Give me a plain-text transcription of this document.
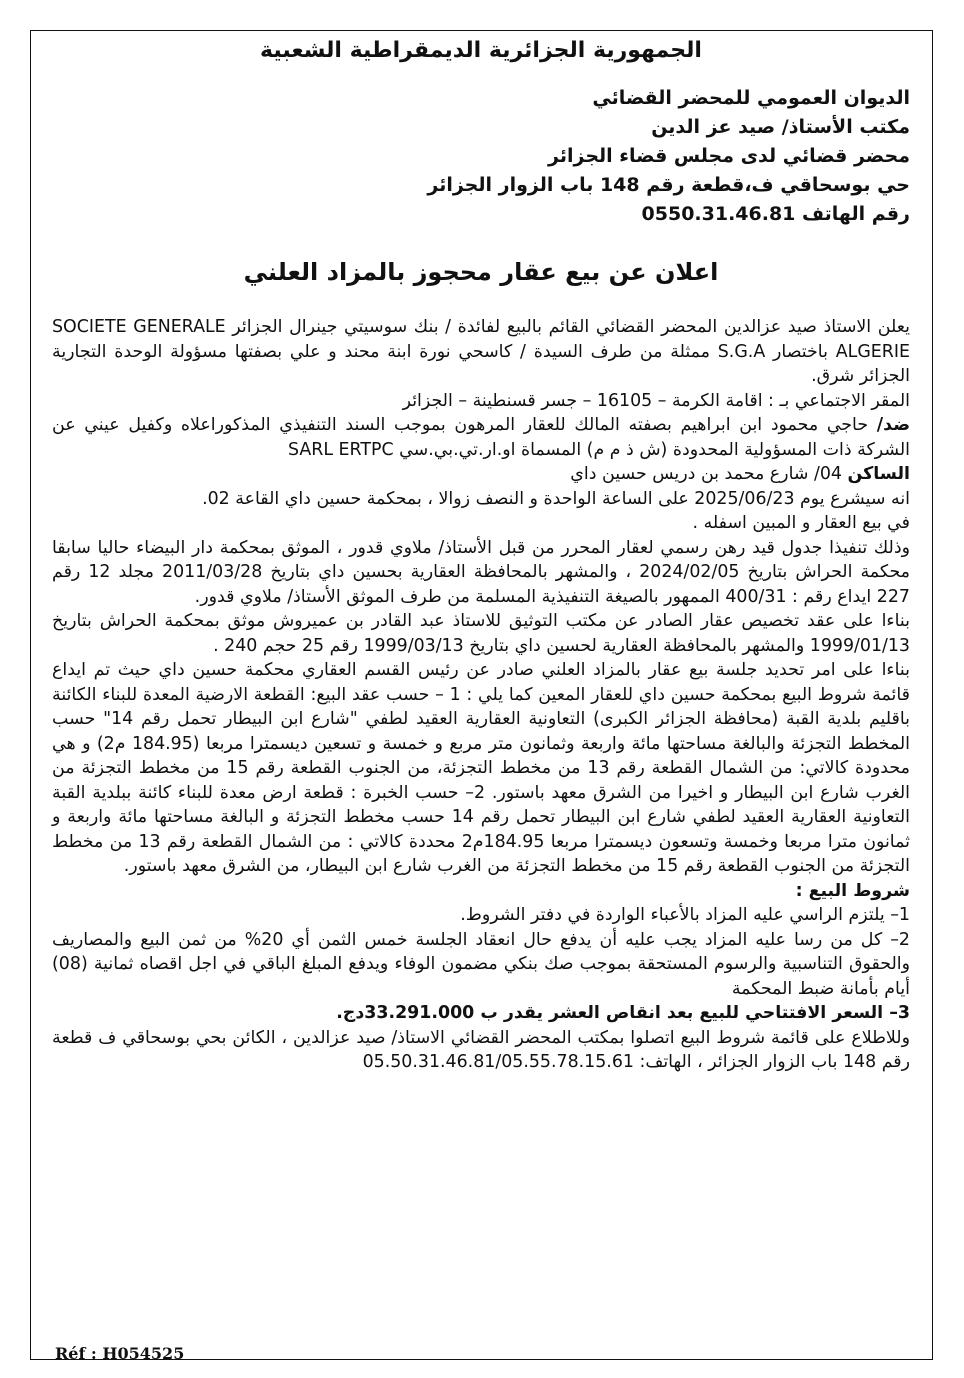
الجمهورية الجزائرية الديمقراطية الشعبية
الديوان العمومي للمحضر القضائي
مكتب الأستاذ/ صيد عز الدين
محضر قضائي لدى مجلس قضاء الجزائر
حي بوسحاقي ف،قطعة رقم 148 باب الزوار الجزائر
رقم الهاتف 0550.31.46.81
اعلان عن بيع عقار محجوز بالمزاد العلني

يعلن الاستاذ صيد عزالدين المحضر القضائي القائم بالبيع لفائدة / بنك سوسيتي جينرال الجزائر SOCIETE GENERALE ALGERIE باختصار S.G.A ممثلة من طرف السيدة / كاسحي نورة ابنة محند و علي بصفتها مسؤولة الوحدة التجارية الجزائر شرق.

المقر الاجتماعي بـ : اقامة الكرمة – 16105 – جسر قسنطينة – الجزائر

ضد/ حاجي محمود ابن ابراهيم بصفته المالك للعقار المرهون بموجب السند التنفيذي المذكوراعلاه وكفيل عيني عن الشركة ذات المسؤولية المحدودة (ش ذ م م) المسماة او.ار.تي.بي.سي SARL ERTPC

الساكن 04/ شارع محمد بن دريس حسين داي

انه سيشرع يوم 2025/06/23 على الساعة الواحدة و النصف زوالا ، بمحكمة حسين داي القاعة 02.

في بيع العقار و المبين اسفله .

وذلك تنفيذا جدول قيد رهن رسمي لعقار المحرر من قبل الأستاذ/ ملاوي قدور ، الموثق بمحكمة دار البيضاء حاليا سابقا محكمة الحراش بتاريخ 2024/02/05 ، والمشهر بالمحافظة العقارية بحسين داي بتاريخ 2011/03/28 مجلد 12 رقم 227 ايداع رقم : 400/31 الممهور بالصيغة التنفيذية المسلمة من طرف الموثق الأستاذ/ ملاوي قدور.

بناءا على عقد تخصيص عقار الصادر عن مكتب التوثيق للاستاذ عبد القادر بن عميروش موثق بمحكمة الحراش بتاريخ 1999/01/13 والمشهر بالمحافظة العقارية لحسين داي بتاريخ 1999/03/13 رقم 25 حجم 240 .

بناءا على امر تحديد جلسة بيع عقار بالمزاد العلني صادر عن رئيس القسم العقاري محكمة حسين داي حيث تم ايداع قائمة شروط البيع بمحكمة حسين داي للعقار المعين كما يلي : 1 – حسب عقد البيع: القطعة الارضية المعدة للبناء الكائنة باقليم بلدية القبة (محافظة الجزائر الكبرى) التعاونية العقارية العقيد لطفي "شارع ابن البيطار تحمل رقم 14" حسب المخطط التجزئة والبالغة مساحتها مائة واربعة وثمانون متر مربع و خمسة و تسعين ديسمترا مربعا (184.95 م2) و هي محدودة كالاتي: من الشمال القطعة رقم 13 من مخطط التجزئة، من الجنوب القطعة رقم 15 من مخطط التجزئة من الغرب شارع ابن البيطار و اخيرا من الشرق معهد باستور. 2– حسب الخبرة : قطعة ارض معدة للبناء كائنة ببلدية القبة التعاونية العقارية العقيد لطفي شارع ابن البيطار تحمل رقم 14 حسب مخطط التجزئة و البالغة مساحتها مائة واربعة و ثمانون مترا مربعا وخمسة وتسعون ديسمترا مربعا 184.95م2 محددة كالاتي : من الشمال القطعة رقم 13 من مخطط التجزئة من الجنوب القطعة رقم 15 من مخطط التجزئة من الغرب شارع ابن البيطار، من الشرق معهد باستور.

شروط البيع :

1– يلتزم الراسي عليه المزاد بالأعباء الواردة في دفتر الشروط.

2– كل من رسا عليه المزاد يجب عليه أن يدفع حال انعقاد الجلسة خمس الثمن أي 20% من ثمن البيع والمصاريف والحقوق التناسبية والرسوم المستحقة بموجب صك بنكي مضمون الوفاء ويدفع المبلغ الباقي في اجل اقصاه ثمانية (08) أيام بأمانة ضبط المحكمة

3– السعر الافتتاحي للبيع بعد انقاص العشر يقدر ب 33.291.000دج.

وللاطلاع على قائمة شروط البيع اتصلوا بمكتب المحضر القضائي الاستاذ/ صيد عزالدين ، الكائن بحي بوسحاقي ف قطعة رقم 148 باب الزوار الجزائر ، الهاتف: 05.50.31.46.81/05.55.78.15.61

Réf : H054525
